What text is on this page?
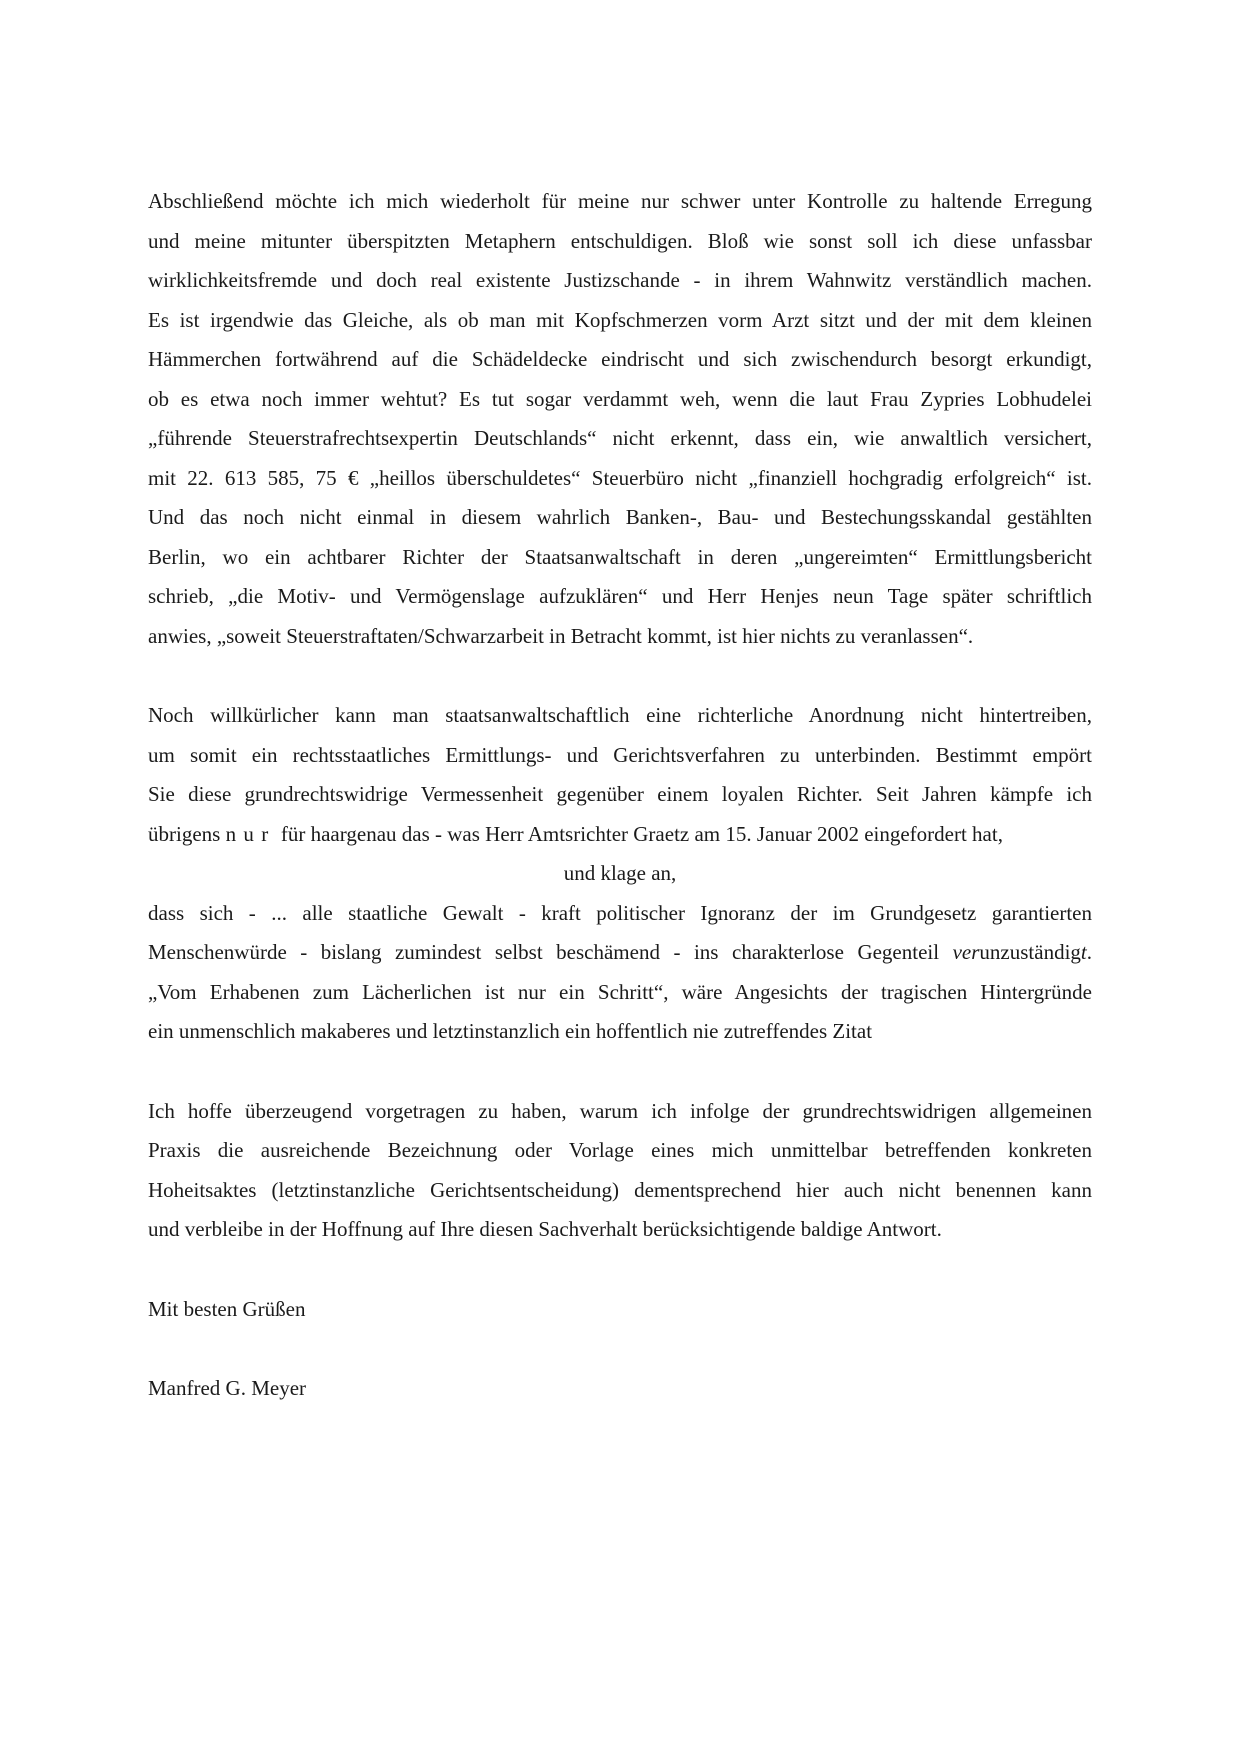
Abschließend möchte ich mich wiederholt für meine nur schwer unter Kontrolle zu haltende Erregung
und meine mitunter überspitzten Metaphern entschuldigen. Bloß wie sonst soll ich diese unfassbar
wirklichkeitsfremde und doch real existente Justizschande - in ihrem Wahnwitz verständlich machen.
Es ist irgendwie das Gleiche, als ob man mit Kopfschmerzen vorm Arzt sitzt und der mit dem kleinen
Hämmerchen fortwährend auf die Schädeldecke eindrischt und sich zwischendurch besorgt erkundigt,
ob es etwa noch immer wehtut? Es tut sogar verdammt weh, wenn die laut Frau Zypries Lobhudelei
„führende Steuerstrafrechtsexpertin Deutschlands“ nicht erkennt, dass ein, wie anwaltlich versichert,
mit 22. 613 585, 75 € „heillos überschuldetes“ Steuerbüro nicht „finanziell hochgradig erfolgreich“ ist.
Und das noch nicht einmal in diesem wahrlich Banken-, Bau- und Bestechungsskandal gestählten
Berlin, wo ein achtbarer Richter der Staatsanwaltschaft in deren „ungereimten“ Ermittlungsbericht
schrieb, „die Motiv- und Vermögenslage aufzuklären“ und Herr Henjes neun Tage später schriftlich
anwies, „soweit Steuerstraftaten/Schwarzarbeit in Betracht kommt, ist hier nichts zu veranlassen“.
Noch willkürlicher kann man staatsanwaltschaftlich eine richterliche Anordnung nicht hintertreiben,
um somit ein rechtsstaatliches Ermittlungs- und Gerichtsverfahren zu unterbinden. Bestimmt empört
Sie diese grundrechtswidrige Vermessenheit gegenüber einem loyalen Richter. Seit Jahren kämpfe ich
übrigens nur für haargenau das - was Herr Amtsrichter Graetz am 15. Januar 2002 eingefordert hat,
und klage an,
dass sich - ... alle staatliche Gewalt - kraft politischer Ignoranz der im Grundgesetz garantierten
Menschenwürde - bislang zumindest selbst beschämend - ins charakterlose Gegenteil verunzuständigt.
„Vom Erhabenen zum Lächerlichen ist nur ein Schritt“, wäre Angesichts der tragischen Hintergründe
ein unmenschlich makaberes und letztinstanzlich ein hoffentlich nie zutreffendes Zitat
Ich hoffe überzeugend vorgetragen zu haben, warum ich infolge der grundrechtswidrigen allgemeinen
Praxis die ausreichende Bezeichnung oder Vorlage eines mich unmittelbar betreffenden konkreten
Hoheitsaktes (letztinstanzliche Gerichtsentscheidung) dementsprechend hier auch nicht benennen kann
und verbleibe in der Hoffnung auf Ihre diesen Sachverhalt berücksichtigende baldige Antwort.
Mit besten Grüßen
Manfred G. Meyer
